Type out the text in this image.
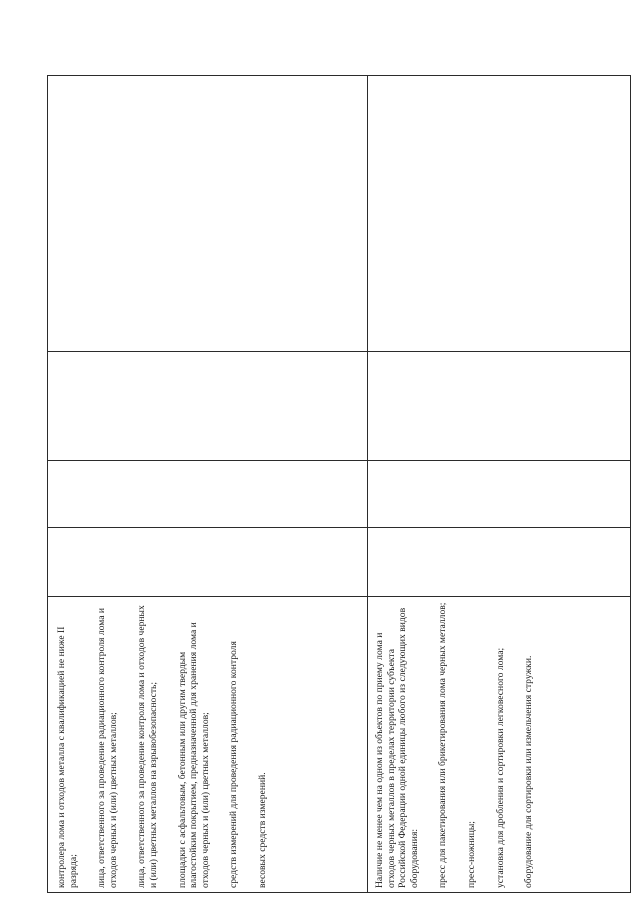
контролера лома и отходов металла с квалификацией не ниже II разряда; лица, ответственного за проведение радиационного контроля лома и отходов черных и (или) цветных металлов; лица, ответственного за проведение контроля лома и отходов черных и (или) цветных металлов на взрывобезопасность; площадки с асфальтовым, бетонным или другим твердым влагостойким покрытием, предназначенной для хранения лома и отходов черных и (или) цветных металлов; средств измерений для проведения радиационного контроля весовых средств измерений.	Наличие не менее чем на одном из объектов по приему лома и отходов черных металлов в пределах территории субъекта Российской Федерации одной единицы любого из следующих видов оборудования: пресс для пакетирования или брикетирования лома черных металлов; пресс-ножницы; установка для дробления и сортировки легковесного лома; оборудование для сортировки или измельчения стружки.
